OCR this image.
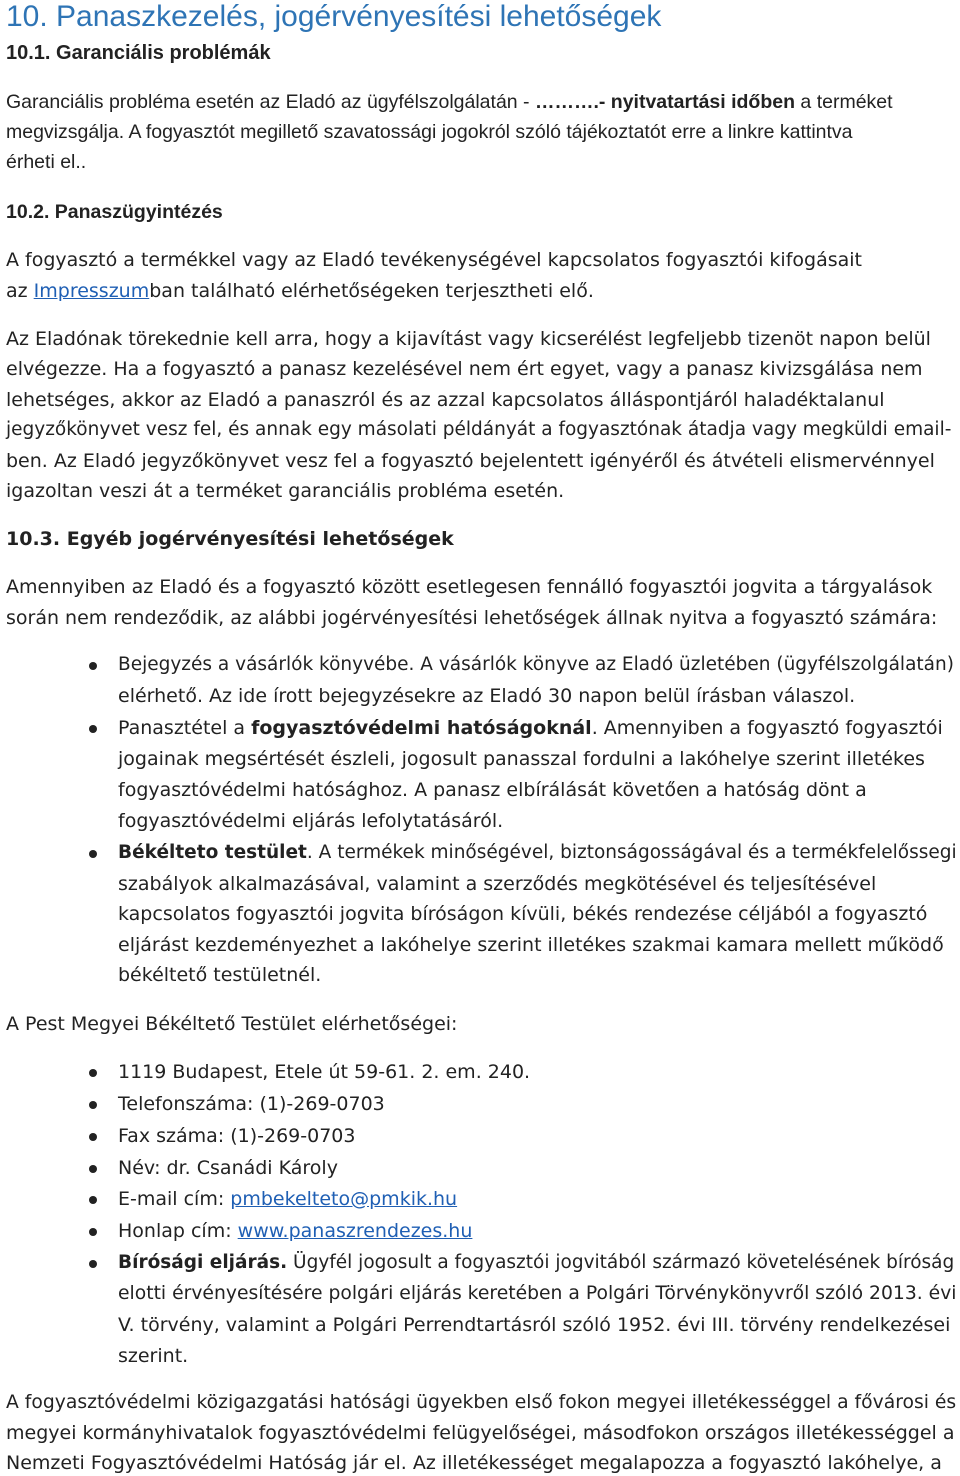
10. Panaszkezelés, jogérvényesítési lehetőségek
10.1. Garanciális problémák
Garanciális probléma esetén az Eladó az ügyfélszolgálatán - ……….- nyitvatartási időben a terméket
megvizsgálja. A fogyasztót megillető szavatossági jogokról szóló tájékoztatót erre a linkre kattintva
érheti el..
10.2. Panaszügyintézés
A fogyasztó a termékkel vagy az Eladó tevékenységével kapcsolatos fogyasztói kifogásait
az Impresszumban található elérhetőségeken terjesztheti elő.
Az Eladónak törekednie kell arra, hogy a kijavítást vagy kicserélést legfeljebb tizenöt napon belül
elvégezze. Ha a fogyasztó a panasz kezelésével nem ért egyet, vagy a panasz kivizsgálása nem
lehetséges, akkor az Eladó a panaszról és az azzal kapcsolatos álláspontjáról haladéktalanul
jegyzőkönyvet vesz fel, és annak egy másolati példányát a fogyasztónak átadja vagy megküldi email-
ben. Az Eladó jegyzőkönyvet vesz fel a fogyasztó bejelentett igényéről és átvételi elismervénnyel
igazoltan veszi át a terméket garanciális probléma esetén.
10.3. Egyéb jogérvényesítési lehetőségek
Amennyiben az Eladó és a fogyasztó között esetlegesen fennálló fogyasztói jogvita a tárgyalások
során nem rendeződik, az alábbi jogérvényesítési lehetőségek állnak nyitva a fogyasztó számára:
Bejegyzés a vásárlók könyvébe. A vásárlók könyve az Eladó üzletében (ügyfélszolgálatán)
elérhető. Az ide írott bejegyzésekre az Eladó 30 napon belül írásban válaszol.
Panasztétel a fogyasztóvédelmi hatóságoknál. Amennyiben a fogyasztó fogyasztói
jogainak megsértését észleli, jogosult panasszal fordulni a lakóhelye szerint illetékes
fogyasztóvédelmi hatósághoz. A panasz elbírálását követően a hatóság dönt a
fogyasztóvédelmi eljárás lefolytatásáról.
Békélteto testület. A termékek minőségével, biztonságosságával és a termékfelelőssegi
szabályok alkalmazásával, valamint a szerződés megkötésével és teljesítésével
kapcsolatos fogyasztói jogvita bíróságon kívüli, békés rendezése céljából a fogyasztó
eljárást kezdeményezhet a lakóhelye szerint illetékes szakmai kamara mellett működő
békéltető testületnél.
A Pest Megyei Békéltető Testület elérhetőségei:
1119 Budapest, Etele út 59-61. 2. em. 240.
Telefonszáma: (1)-269-0703
Fax száma: (1)-269-0703
Név: dr. Csanádi Károly
E-mail cím: pmbekelteto@pmkik.hu
Honlap cím: www.panaszrendezes.hu
Bírósági eljárás. Ügyfél jogosult a fogyasztói jogvitából származó követelésének bíróság
elotti érvényesítésére polgári eljárás keretében a Polgári Törvénykönyvről szóló 2013. évi
V. törvény, valamint a Polgári Perrendtartásról szóló 1952. évi III. törvény rendelkezései
szerint.
A fogyasztóvédelmi közigazgatási hatósági ügyekben első fokon megyei illetékességgel a fővárosi és
megyei kormányhivatalok fogyasztóvédelmi felügyelőségei, másodfokon országos illetékességgel a
Nemzeti Fogyasztóvédelmi Hatóság jár el. Az illetékességet megalapozza a fogyasztó lakóhelye, a
